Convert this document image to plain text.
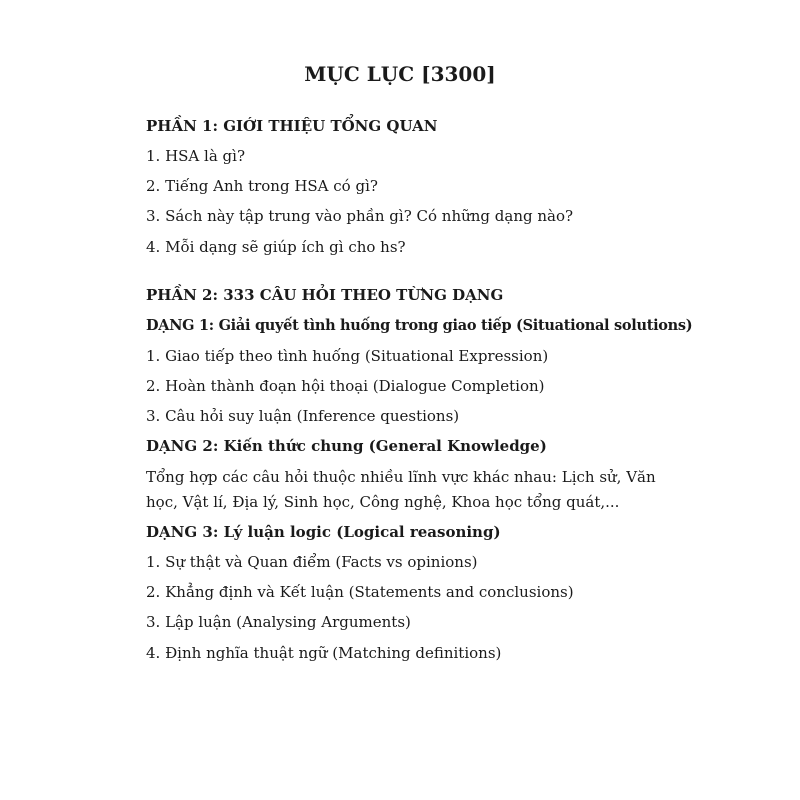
MỤC LỤC [3300]
PHẦN 1: GIỚI THIỆU TỔNG QUAN
1. HSA là gì?
2. Tiếng Anh trong HSA có gì?
3. Sách này tập trung vào phần gì? Có những dạng nào?
4. Mỗi dạng sẽ giúp ích gì cho hs?
PHẦN 2: 333 CÂU HỎI THEO TỪNG DẠNG
DẠNG 1: Giải quyết tình huống trong giao tiếp (Situational solutions)
1. Giao tiếp theo tình huống (Situational Expression)
2. Hoàn thành đoạn hội thoại (Dialogue Completion)
3. Câu hỏi suy luận (Inference questions)
DẠNG 2: Kiến thức chung (General Knowledge)
Tổng hợp các câu hỏi thuộc nhiều lĩnh vực khác nhau: Lịch sử, Văn học, Vật lí, Địa lý, Sinh học, Công nghệ, Khoa học tổng quát,...
DẠNG 3: Lý luận logic (Logical reasoning)
1. Sự thật và Quan điểm (Facts vs opinions)
2. Khẳng định và Kết luận (Statements and conclusions)
3. Lập luận (Analysing Arguments)
4. Định nghĩa thuật ngữ (Matching definitions)
